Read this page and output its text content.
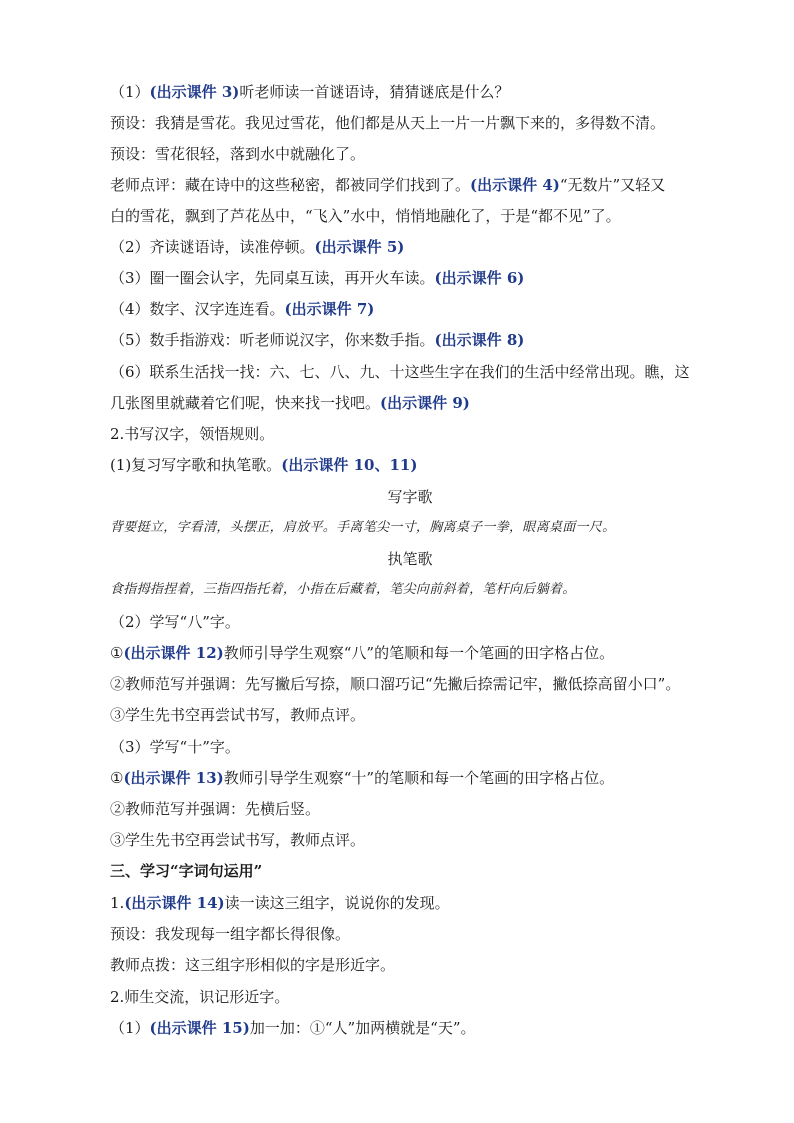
（1）(出示课件 3)听老师读一首谜语诗，猜猜谜底是什么？
预设：我猜是雪花。我见过雪花，他们都是从天上一片一片飘下来的，多得数不清。
预设：雪花很轻，落到水中就融化了。
老师点评：藏在诗中的这些秘密，都被同学们找到了。(出示课件 4)“无数片”又轻又
白的雪花，飘到了芦花丛中，“飞入”水中，悄悄地融化了，于是“都不见”了。
（2）齐读谜语诗，读准停顿。(出示课件 5)
（3）圈一圈会认字，先同桌互读，再开火车读。(出示课件 6)
（4）数字、汉字连连看。(出示课件 7)
（5）数手指游戏：听老师说汉字，你来数手指。(出示课件 8)
（6）联系生活找一找：六、七、八、九、十这些生字在我们的生活中经常出现。瞧，这
几张图里就藏着它们呢，快来找一找吧。(出示课件 9)
2.书写汉字，领悟规则。
(1)复习写字歌和执笔歌。(出示课件 10、11)
写字歌
背要挺立，字看清，头摆正，肩放平。手离笔尖一寸，胸离桌子一拳，眼离桌面一尺。
执笔歌
食指拇指捏着，三指四指托着，小指在后藏着，笔尖向前斜着，笔杆向后躺着。
（2）学写“八”字。
①(出示课件 12)教师引导学生观察“八”的笔顺和每一个笔画的田字格占位。
②教师范写并强调：先写撇后写捺，顺口溜巧记“先撇后捺需记牢，撇低捺高留小口”。
③学生先书空再尝试书写，教师点评。
（3）学写“十”字。
①(出示课件 13)教师引导学生观察“十”的笔顺和每一个笔画的田字格占位。
②教师范写并强调：先横后竖。
③学生先书空再尝试书写，教师点评。
三、学习“字词句运用”
1.(出示课件 14)读一读这三组字，说说你的发现。
预设：我发现每一组字都长得很像。
教师点拨：这三组字形相似的字是形近字。
2.师生交流，识记形近字。
（1）(出示课件 15)加一加：①“人”加两横就是“天”。
